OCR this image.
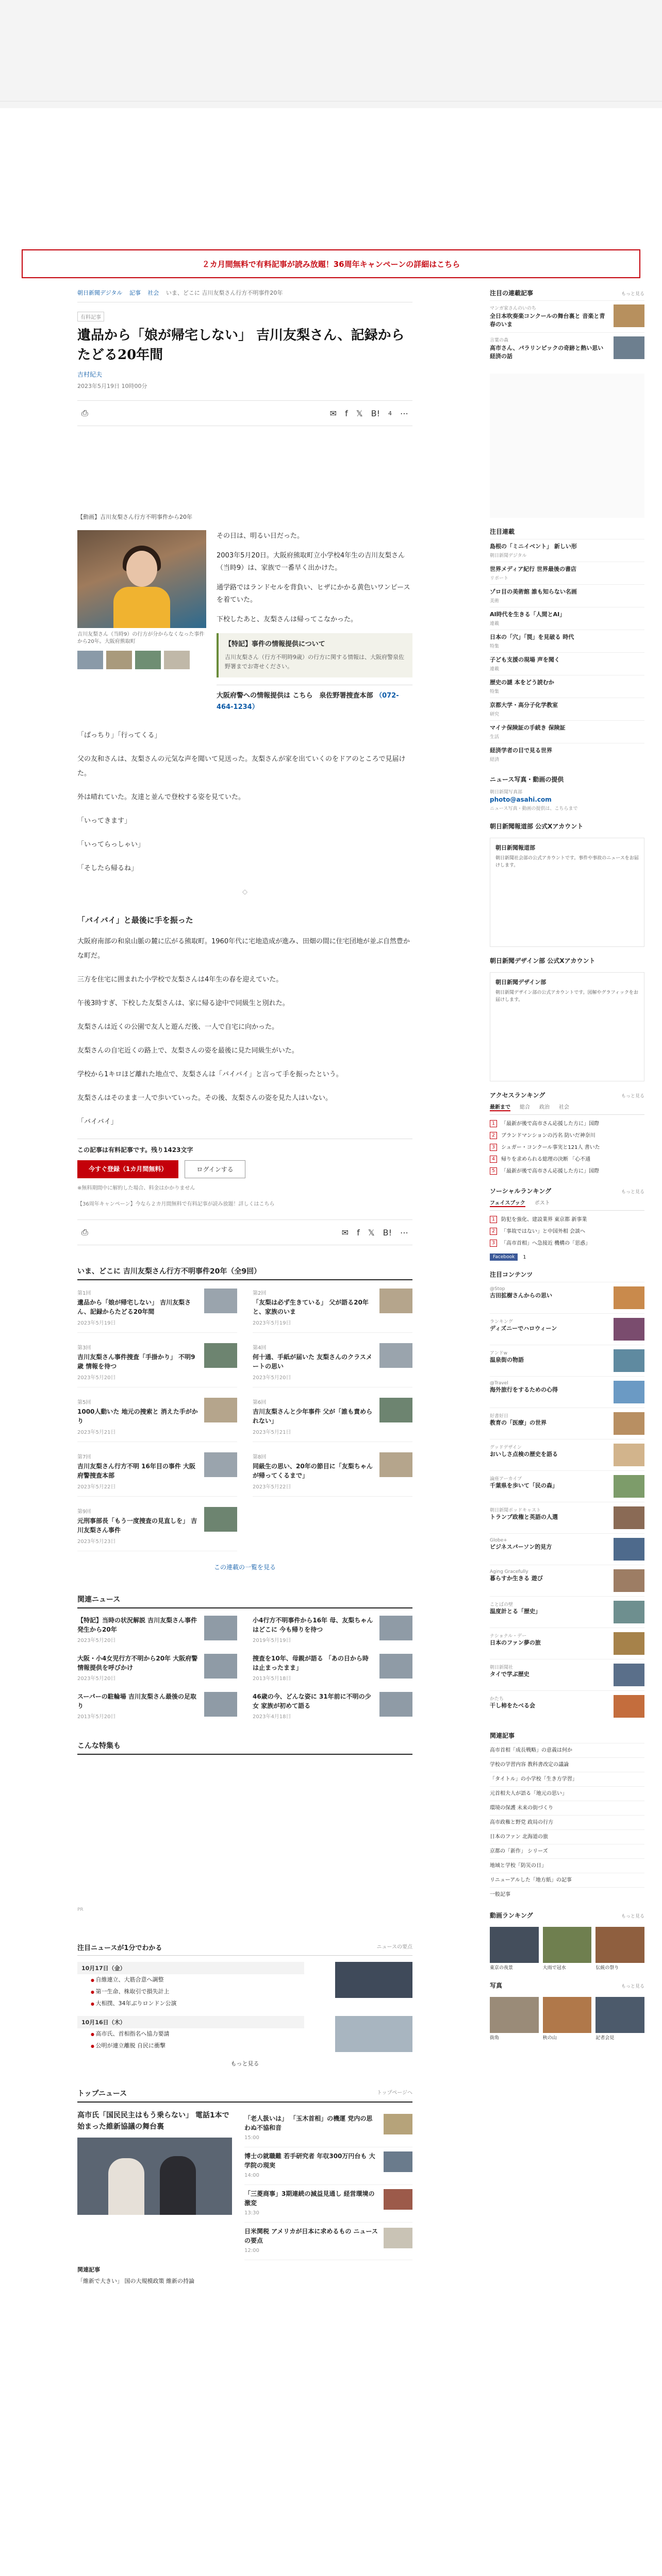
２カ月間無料で有料記事が読み放題！36周年キャンペーンの詳細はこちら
朝日新聞デジタル 記事 社会 いま、どこに 吉川友梨さん行方不明事件20年
有料記事
遺品から「娘が帰宅しない」 吉川友梨さん、記録からたどる20年間
吉村紀夫
2023年5月19日 10時00分
⎙	✉ f 𝕏 B! 4 ⋯
【動画】吉川友梨さん行方不明事件から20年
吉川友梨さん（当時9）の行方が分からなくなった事件から20年。大阪府熊取町

その日は、明るい日だった。

2003年5月20日。大阪府熊取町立小学校4年生の吉川友梨さん（当時9）は、家族で一番早く出かけた。

通学路ではランドセルを背負い、ヒザにかかる黄色いワンピースを着ていた。

下校したあと、友梨さんは帰ってこなかった。

【特記】事件の情報提供について
吉川友梨さん（行方不明時9歳）の行方に関する情報は、大阪府警泉佐野署までお寄せください。
大阪府警への情報提供は こちら　泉佐野署捜査本部 （072-464-1234）

「ばっちり」「行ってくる」

父の友和さんは、友梨さんの元気な声を聞いて見送った。友梨さんが家を出ていくのをドアのところで見届けた。

外は晴れていた。友達と並んで登校する姿を見ていた。

「いってきます」

「いってらっしゃい」

「そしたら帰るね」

◇
「バイバイ」と最後に手を振った

大阪府南部の和泉山脈の麓に広がる熊取町。1960年代に宅地造成が進み、田畑の間に住宅団地が並ぶ自然豊かな町だ。

三方を住宅に囲まれた小学校で友梨さんは4年生の春を迎えていた。

午後3時すぎ、下校した友梨さんは、家に帰る途中で同級生と別れた。

友梨さんは近くの公園で友人と遊んだ後、一人で自宅に向かった。

友梨さんの自宅近くの路上で、友梨さんの姿を最後に見た同級生がいた。

学校から1キロほど離れた地点で、友梨さんは「バイバイ」と言って手を振ったという。

友梨さんはそのまま一人で歩いていった。その後、友梨さんの姿を見た人はいない。

「バイバイ」

この記事は有料記事です。残り1423文字
今すぐ登録（1カ月間無料）	ログインする
※無料期間中に解約した場合、料金はかかりません
【36周年キャンペーン】今なら２カ月間無料で有料記事が読み放題！詳しくはこちら
⎙	✉ f 𝕏 B! ⋯
いま、どこに 吉川友梨さん行方不明事件20年（全9回）
第1回
遺品から「娘が帰宅しない」 吉川友梨さん、記録からたどる20年間
2023年5月19日
第2回
「友梨は必ず生きている」 父が語る20年と、家族のいま
2023年5月19日
第3回
吉川友梨さん事件捜査「手掛かり」 不明9歳 情報を待つ
2023年5月20日
第4回
何十通、手紙が届いた 友梨さんのクラスメートの思い
2023年5月20日
第5回
1000人動いた 地元の捜索と 消えた手がかり
2023年5月21日
第6回
吉川友梨さんと少年事件 父が「誰も責められない」
2023年5月21日
第7回
吉川友梨さん行方不明 16年目の事件 大阪府警捜査本部
2023年5月22日
第8回
同級生の思い、20年の節目に「友梨ちゃんが帰ってくるまで」
2023年5月22日
第9回
元刑事部長「もう一度捜査の見直しを」 吉川友梨さん事件
2023年5月23日
この連載の一覧を見る
関連ニュース
【特記】当時の状況解説 吉川友梨さん事件 発生から20年
2023年5月20日
小4行方不明事件から16年 母、友梨ちゃんはどこに 今も帰りを待つ
2019年5月19日
大阪・小4女児行方不明から20年 大阪府警 情報提供を呼びかけ
2023年5月20日
捜査を10年、母親が語る 「あの日から時は止まったまま」
2013年5月18日
スーパーの駐輪場 吉川友梨さん最後の足取り
2013年5月20日
46歳の今、どんな姿に 31年前に不明の少女 家族が初めて語る
2023年4月18日
こんな特集も
PR
注目ニュースが1分でわかる	ニュースの要点
10月17日（金）
● 自維連立、大筋合意へ調整
● 第一生命、株取引で損失計上
● 大相撲、34年ぶりロンドン公演
10月16日（木）
● 高市氏、首相指名へ協力要請
● 公明が連立離脱 自民に衝撃
もっと見る
トップニュース	トップページへ
高市氏「国民民主はもう乗らない」 電話1本で始まった維新協議の舞台裏
「老人扱いは」 「玉木首相」の機運 党内の思わぬ不協和音
15:00
博士の就職難 若手研究者 年収300万円台も 大学院の現実
14:00
「三菱商事」3期連続の減益見通し 経営環境の激変
13:30
日米関税 アメリカが日本に求めるもの ニュースの要点
12:00
関連記事
「維新で大きい」 国の大規模政策 維新の持論
注目の連載記事	もっと見る
マンガ家さんのいのち
全日本吹奏楽コンクールの舞台裏と 音楽と青春のいま
言葉の森
高市さん、パラリンピックの奇跡と熱い思い 経済の話
注目連載
島根の「ミニイベント」 新しい形
朝日新聞デジタル
世界メディア紀行 世界最後の書店
リポート
ゾロ目の美術館 誰も知らない名画
美術
AI時代を生きる「人間とAI」
連載
日本の「穴」「罠」を見破る 時代
特集
子ども支援の現場 声を聞く
連載
歴史の謎 本をどう読むか
特集
京都大学・高分子化学教室
研究
マイナ保険証の手続き 保険証
生活
経済学者の目で見る世界
経済
ニュース写真・動画の提供
朝日新聞写真部
photo@asahi.com
ニュース写真・動画の提供は、こちらまで
朝日新聞報道部 公式Xアカウント
朝日新聞報道部
朝日新聞社会部の公式アカウントです。事件や事故のニュースをお届けします。
朝日新聞デザイン部 公式Xアカウント
朝日新聞デザイン部
朝日新聞デザイン部の公式アカウントです。図解やグラフィックをお届けします。
アクセスランキング	もっと見る
最新まで 総合 政治 社会
1	「最新が後で高市さん応援した方に」国際
2	ブランドマンションの汚名 防いだ神奈川
3	シュガー・コンクール事実と121人 書いた
4	帰りを求められる総理の決断 「心不通
5	「最新が後で高市さん応援した方に」国際
ソーシャルランキング	もっと見る
フェイスブック ポスト
1	防犯を強化、建設業界 東京都 新事業
2	「事故ではない」と中国外相 会談へ
3	「高市首相」へ急接近 機構の「思惑」
Facebook	1
注目コンテンツ
@Stop
古田拡樹さんからの思い
ランキング
ディズニーでハロウィーン
アンドw
温泉街の物語
@Travel
海外旅行をするための心得
好書好日
教育の「医療」の世界
グッドデザイン
おいしさ点検の歴史を語る
論座アーカイブ
千葉県を歩いて「民の森」
朝日新聞ポッドキャスト
トランプ政権と英語の人選
Globe+
ビジネスパーソン的見方
Aging Gracefully
暮らすか生きる 遊び
ことばの壁
温度計とる「歴史」
ナショナル・デー
日本のファン夢の旅
朝日新聞社
タイで学ぶ歴史
かたち
干し柿をたべる会
関連記事
高市首相「成長戦略」の意義は何か
学校の学習内容 教科書改定の議論
「タイトル」の小学校「生き方学習」
元首相夫人が語る「地元の思い」
環境の保護 未来の街づくり
高市政権と野党 政局の行方
日本のファン 北海道の旅
京都の「新作」 シリーズ
地域と学校「防災の日」
リニューアルした「地方紙」の記事
一般記事
動画ランキング	もっと見る
東京の夜景	大雨で冠水	伝統の祭り
写真	もっと見る
街角	秋の山	記者会見
